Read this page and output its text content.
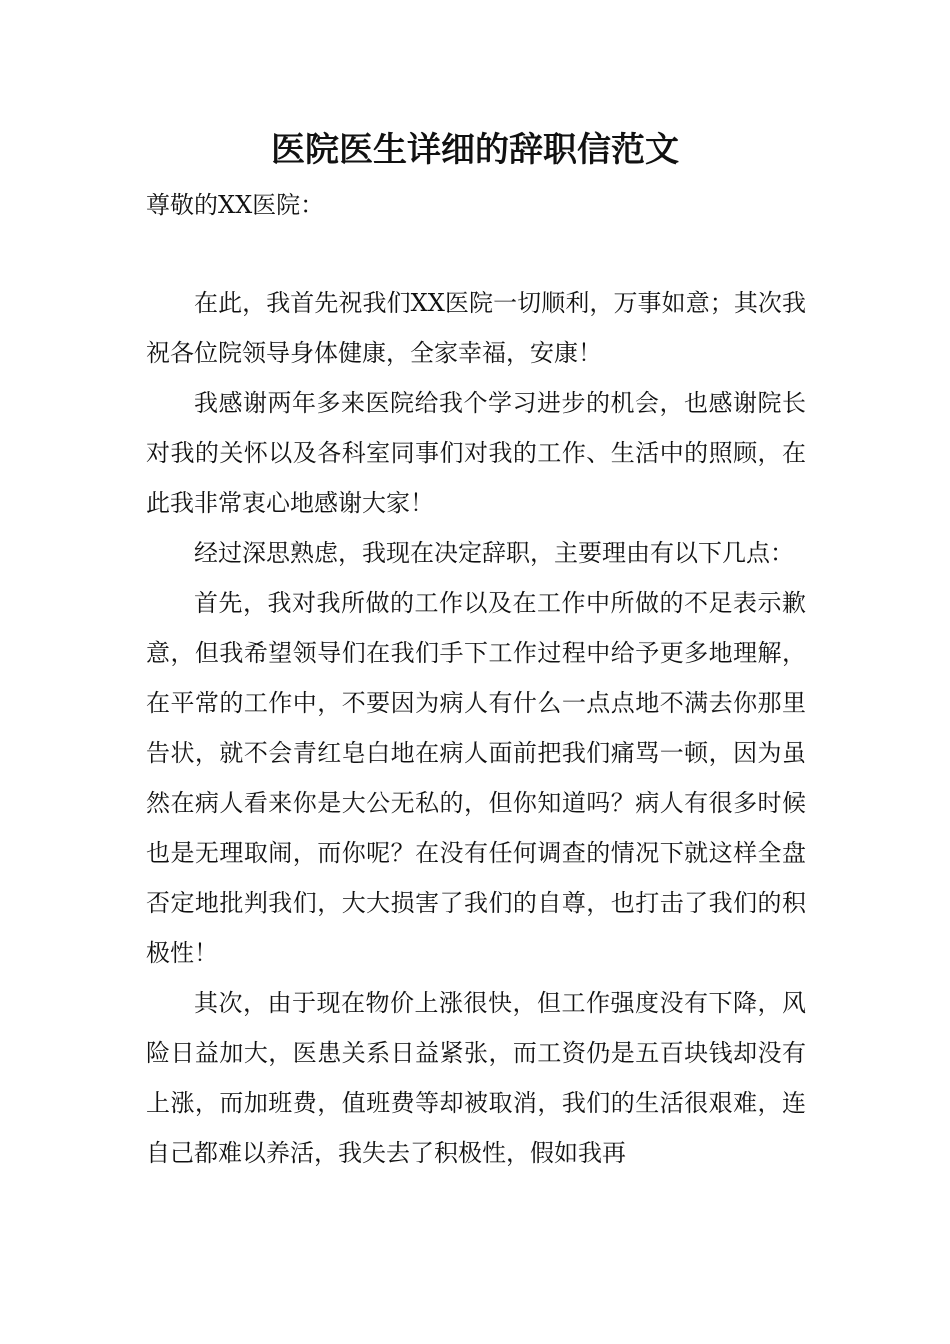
医院医生详细的辞职信范文

尊敬的XX医院：

在此，我首先祝我们XX医院一切顺利，万事如意；其次我祝各位院领导身体健康，全家幸福，安康！

我感谢两年多来医院给我个学习进步的机会，也感谢院长对我的关怀以及各科室同事们对我的工作、生活中的照顾，在此我非常衷心地感谢大家！

经过深思熟虑，我现在决定辞职，主要理由有以下几点：

首先，我对我所做的工作以及在工作中所做的不足表示歉意，但我希望领导们在我们手下工作过程中给予更多地理解，在平常的工作中，不要因为病人有什么一点点地不满去你那里告状，就不会青红皂白地在病人面前把我们痛骂一顿，因为虽然在病人看来你是大公无私的，但你知道吗？病人有很多时候也是无理取闹，而你呢？在没有任何调查的情况下就这样全盘否定地批判我们，大大损害了我们的自尊，也打击了我们的积极性！

其次，由于现在物价上涨很快，但工作强度没有下降，风险日益加大，医患关系日益紧张，而工资仍是五百块钱却没有上涨，而加班费，值班费等却被取消，我们的生活很艰难，连自己都难以养活，我失去了积极性，假如我再
